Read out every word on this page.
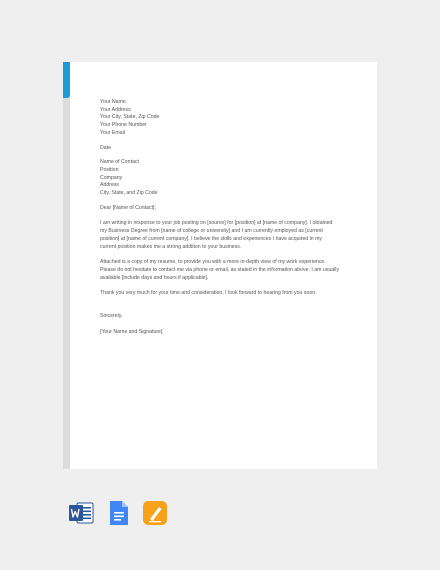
Your Name
Your Address
Your City, State, Zip Code
Your Phone Number
Your Email
Date
Name of Contact
Position
Company
Address
City, State, and Zip Code
Dear [Name of Contact];
I am writing in response to your job posting on [source] for [position] at [name of company]. I obtained
my Business Degree from [name of college or university] and I am currently employed as [current
position] at [name of current company]. I believe the skills and experiences I have acquired in my
current position makes me a strong addition to your business.
Attached is a copy of my resume, to provide you with a more in-depth view of my work experience.
Please do not hesitate to contact me via phone or email, as stated in the information above. I am usually
available [include days and hours if applicable].
Thank you very much for your time and consideration, I look forward to hearing from you soon.
Sincerely,
[Your Name and Signature]
